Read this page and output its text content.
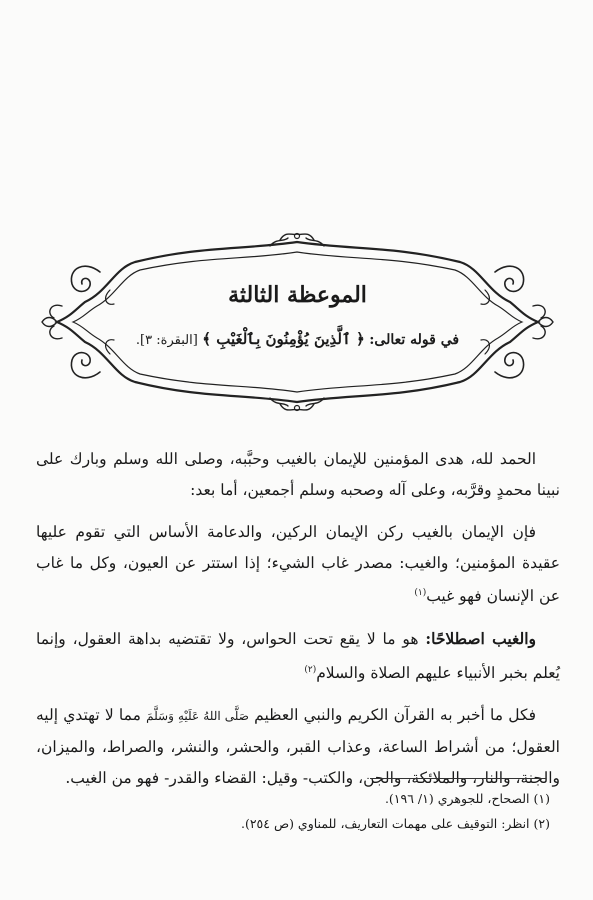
الموعظة الثالثة
في قوله تعالى: ﴿ ٱلَّذِينَ يُؤْمِنُونَ بِٱلْغَيْبِ ﴾ [البقرة: ٣].

الحمد لله، هدى المؤمنين للإيمان بالغيب وحبَّبه، وصلى الله وسلم وبارك على نبينا محمدٍ وقرَّبه، وعلى آله وصحبه وسلم أجمعين، أما بعد:

فإن الإيمان بالغيب ركن الإيمان الركين، والدعامة الأساس التي تقوم عليها عقيدة المؤمنين؛ والغيب: مصدر غاب الشيء؛ إذا استتر عن العيون، وكل ما غاب عن الإنسان فهو غيب$^{(١)}$

والغيب اصطلاحًا: هو ما لا يقع تحت الحواس، ولا تقتضيه بداهة العقول، وإنما يُعلم بخبر الأنبياء عليهم الصلاة والسلام$^{(٢)}$

فكل ما أخبر به القرآن الكريم والنبي العظيم صَلَّى اللهُ عَلَيْهِ وَسَلَّمَ مما لا تهتدي إليه العقول؛ من أشراط الساعة، وعذاب القبر، والحشر، والنشر، والصراط، والميزان، والجنة، والنار، والملائكة، والجن، والكتب- وقيل: القضاء والقدر- فهو من الغيب.

(١) الصحاح، للجوهري (١/ ١٩٦).
(٢) انظر: التوقيف على مهمات التعاريف، للمناوي (ص ٢٥٤).
